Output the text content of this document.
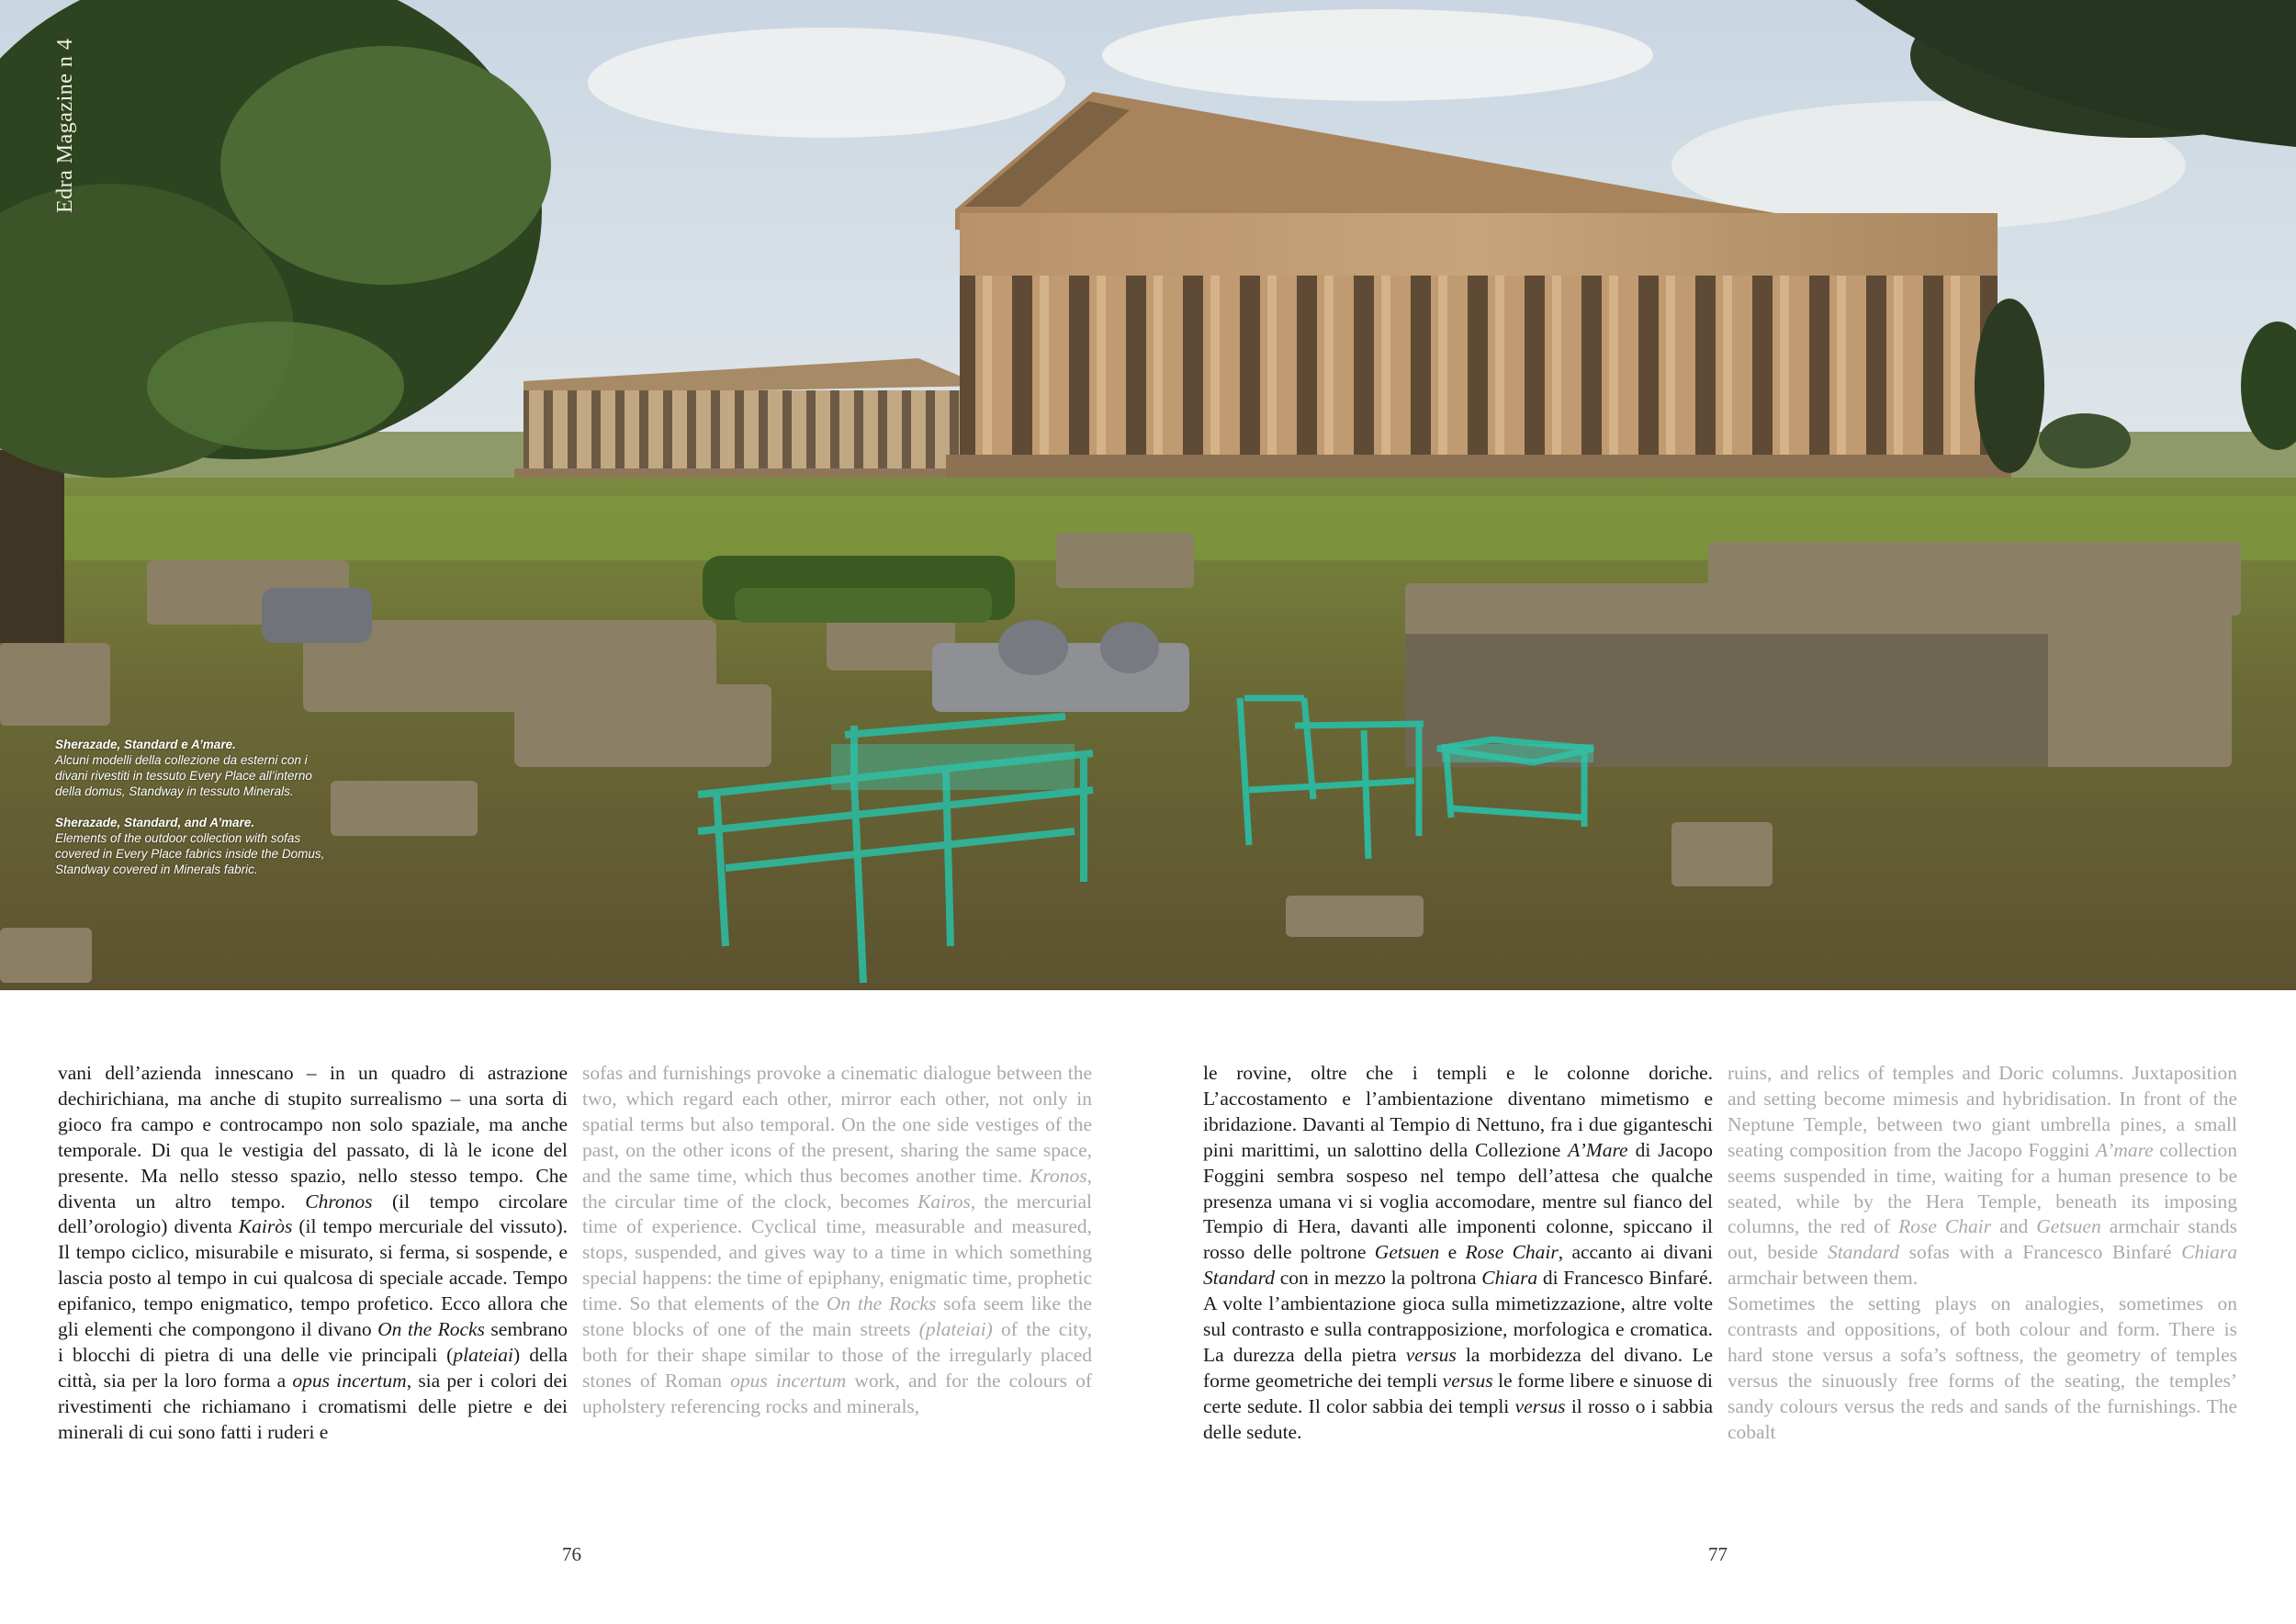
Edra Magazine n 4
Sherazade, Standard e A’mare.
Alcuni modelli della collezione da esterni con i divani rivestiti in tessuto Every Place all’interno della domus, Standway in tessuto Minerals.
Sherazade, Standard, and A’mare.
Elements of the outdoor collection with sofas covered in Every Place fabrics inside the Domus, Standway covered in Minerals fabric.

vani dell’azienda innescano – in un quadro di astrazione dechirichiana, ma anche di stupito surrealismo – una sorta di gioco fra campo e controcampo non solo spaziale, ma anche temporale. Di qua le vestigia del passato, di là le icone del presente. Ma nello stesso spazio, nello stesso tempo. Che diventa un altro tempo. Chronos (il tempo circolare dell’orologio) diventa Kairòs (il tempo mercuriale del vissuto). Il tempo ciclico, misurabile e misurato, si ferma, si sospende, e lascia posto al tempo in cui qualcosa di speciale accade. Tempo epifanico, tempo enigmatico, tempo profetico. Ecco allora che gli elementi che compongono il divano On the Rocks sembrano i blocchi di pietra di una delle vie principali (plateiai) della città, sia per la loro forma a opus incertum, sia per i colori dei rivestimenti che richiamano i cromatismi delle pietre e dei minerali di cui sono fatti i ruderi e

sofas and furnishings provoke a cinematic dialogue between the two, which regard each other, mirror each other, not only in spatial terms but also temporal. On the one side vestiges of the past, on the other icons of the present, sharing the same space, and the same time, which thus becomes another time. Kronos, the circular time of the clock, becomes Kairos, the mercurial time of experience. Cyclical time, measurable and measured, stops, suspended, and gives way to a time in which something special happens: the time of epiphany, enigmatic time, prophetic time. So that elements of the On the Rocks sofa seem like the stone blocks of one of the main streets (plateiai) of the city, both for their shape similar to those of the irregularly placed stones of Roman opus incertum work, and for the colours of upholstery referencing rocks and minerals,

le rovine, oltre che i templi e le colonne doriche. L’accostamento e l’ambientazione diventano mimetismo e ibridazione. Davanti al Tempio di Nettuno, fra i due giganteschi pini marittimi, un salottino della Collezione A’Mare di Jacopo Foggini sembra sospeso nel tempo dell’attesa che qualche presenza umana vi si voglia accomodare, mentre sul fianco del Tempio di Hera, davanti alle imponenti colonne, spiccano il rosso delle poltrone Getsuen e Rose Chair, accanto ai divani Standard con in mezzo la poltrona Chiara di Francesco Binfaré. A volte l’ambientazione gioca sulla mimetizzazione, altre volte sul contrasto e sulla contrapposizione, morfologica e cromatica. La durezza della pietra versus la morbidezza del divano. Le forme geometriche dei templi versus le forme libere e sinuose di certe sedute. Il color sabbia dei templi versus il rosso o i sabbia delle sedute.

ruins, and relics of temples and Doric columns. Juxtaposition and setting become mimesis and hybridisation. In front of the Neptune Temple, between two giant umbrella pines, a small seating composition from the Jacopo Foggini A’mare collection seems suspended in time, waiting for a human presence to be seated, while by the Hera Temple, beneath its imposing columns, the red of Rose Chair and Getsuen armchair stands out, beside Standard sofas with a Francesco Binfaré Chiara armchair between them.

Sometimes the setting plays on analogies, sometimes on contrasts and oppositions, of both colour and form. There is hard stone versus a sofa’s softness, the geometry of temples versus the sinuously free forms of the seating, the temples’ sandy colours versus the reds and sands of the furnishings. The cobalt

76	77
